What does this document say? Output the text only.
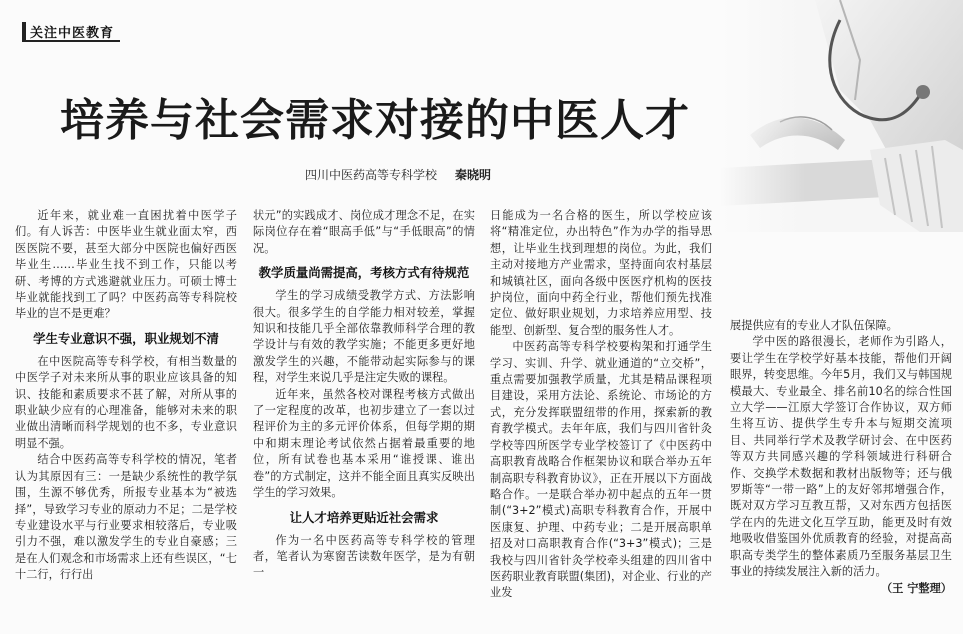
关注中医教育
培养与社会需求对接的中医人才
四川中医药高等专科学校 秦晓明

近年来，就业难一直困扰着中医学子们。有人诉苦：中医毕业生就业面太窄，西医医院不要，甚至大部分中医院也偏好西医毕业生……毕业生找不到工作，只能以考研、考博的方式逃避就业压力。可硕士博士毕业就能找到工了吗？中医药高等专科院校毕业的岂不是更难？

学生专业意识不强，职业规划不清

在中医院高等专科学校，有相当数量的中医学子对未来所从事的职业应该具备的知识、技能和素质要求不甚了解，对所从事的职业缺少应有的心理准备，能够对未来的职业做出清晰而科学规划的也不多，专业意识明显不强。

结合中医药高等专科学校的情况，笔者认为其原因有三：一是缺少系统性的教学氛围，生源不够优秀，所报专业基本为“被选择”，导致学习专业的原动力不足；二是学校专业建设水平与行业要求相较落后，专业吸引力不强，难以激发学生的专业自豪感；三是在人们观念和市场需求上还有些误区，“七十二行，行行出

状元”的实践成才、岗位成才理念不足，在实际岗位存在着“眼高手低”与“手低眼高”的情况。

教学质量尚需提高，考核方式有待规范

学生的学习成绩受教学方式、方法影响很大。很多学生的自学能力相对较差，掌握知识和技能几乎全部依靠教师科学合理的教学设计与有效的教学实施；不能更多更好地激发学生的兴趣，不能带动起实际参与的课程，对学生来说几乎是注定失败的课程。

近年来，虽然各校对课程考核方式做出了一定程度的改革，也初步建立了一套以过程评价为主的多元评价体系，但每学期的期中和期末理论考试依然占据着最重要的地位，所有试卷也基本采用“谁授课、谁出卷”的方式制定，这并不能全面且真实反映出学生的学习效果。

让人才培养更贴近社会需求

作为一名中医药高等专科学校的管理者，笔者认为寒窗苦读数年医学，是为有朝一

日能成为一名合格的医生，所以学校应该将“精准定位，办出特色”作为办学的指导思想，让毕业生找到理想的岗位。为此，我们主动对接地方产业需求，坚持面向农村基层和城镇社区，面向各级中医医疗机构的医技护岗位，面向中药全行业，帮他们预先找准定位、做好职业规划，力求培养应用型、技能型、创新型、复合型的服务性人才。

中医药高等专科学校要构架和打通学生学习、实训、升学、就业通道的“立交桥”，重点需要加强教学质量，尤其是精品课程项目建设，采用方法论、系统论、市场论的方式，充分发挥联盟纽带的作用，探索新的教育教学模式。去年年底，我们与四川省针灸学校等四所医学专业学校签订了《中医药中高职教育战略合作框架协议和联合举办五年制高职专科教育协议》，正在开展以下方面战略合作。一是联合举办初中起点的五年一贯制(“3+2”模式)高职专科教育合作，开展中医康复、护理、中药专业；二是开展高职单招及对口高职教育合作(“3+3”模式)；三是我校与四川省针灸学校牵头组建的四川省中医药职业教育联盟(集团)，对企业、行业的产业发

展提供应有的专业人才队伍保障。

学中医的路很漫长，老师作为引路人，要让学生在学校学好基本技能，帮他们开阔眼界，转变思维。今年5月，我们又与韩国规模最大、专业最全、排名前10名的综合性国立大学——江原大学签订合作协议，双方师生将互访、提供学生专升本与短期交流项目、共同举行学术及教学研讨会、在中医药等双方共同感兴趣的学科领域进行科研合作、交换学术数据和教材出版物等；还与俄罗斯等“一带一路”上的友好邻邦增强合作，既对双方学习互教互帮，又对东西方包括医学在内的先进文化互学互助，能更及时有效地吸收借鉴国外优质教育的经验，对提高高职高专类学生的整体素质乃至服务基层卫生事业的持续发展注入新的活力。

（王 宁整理）
